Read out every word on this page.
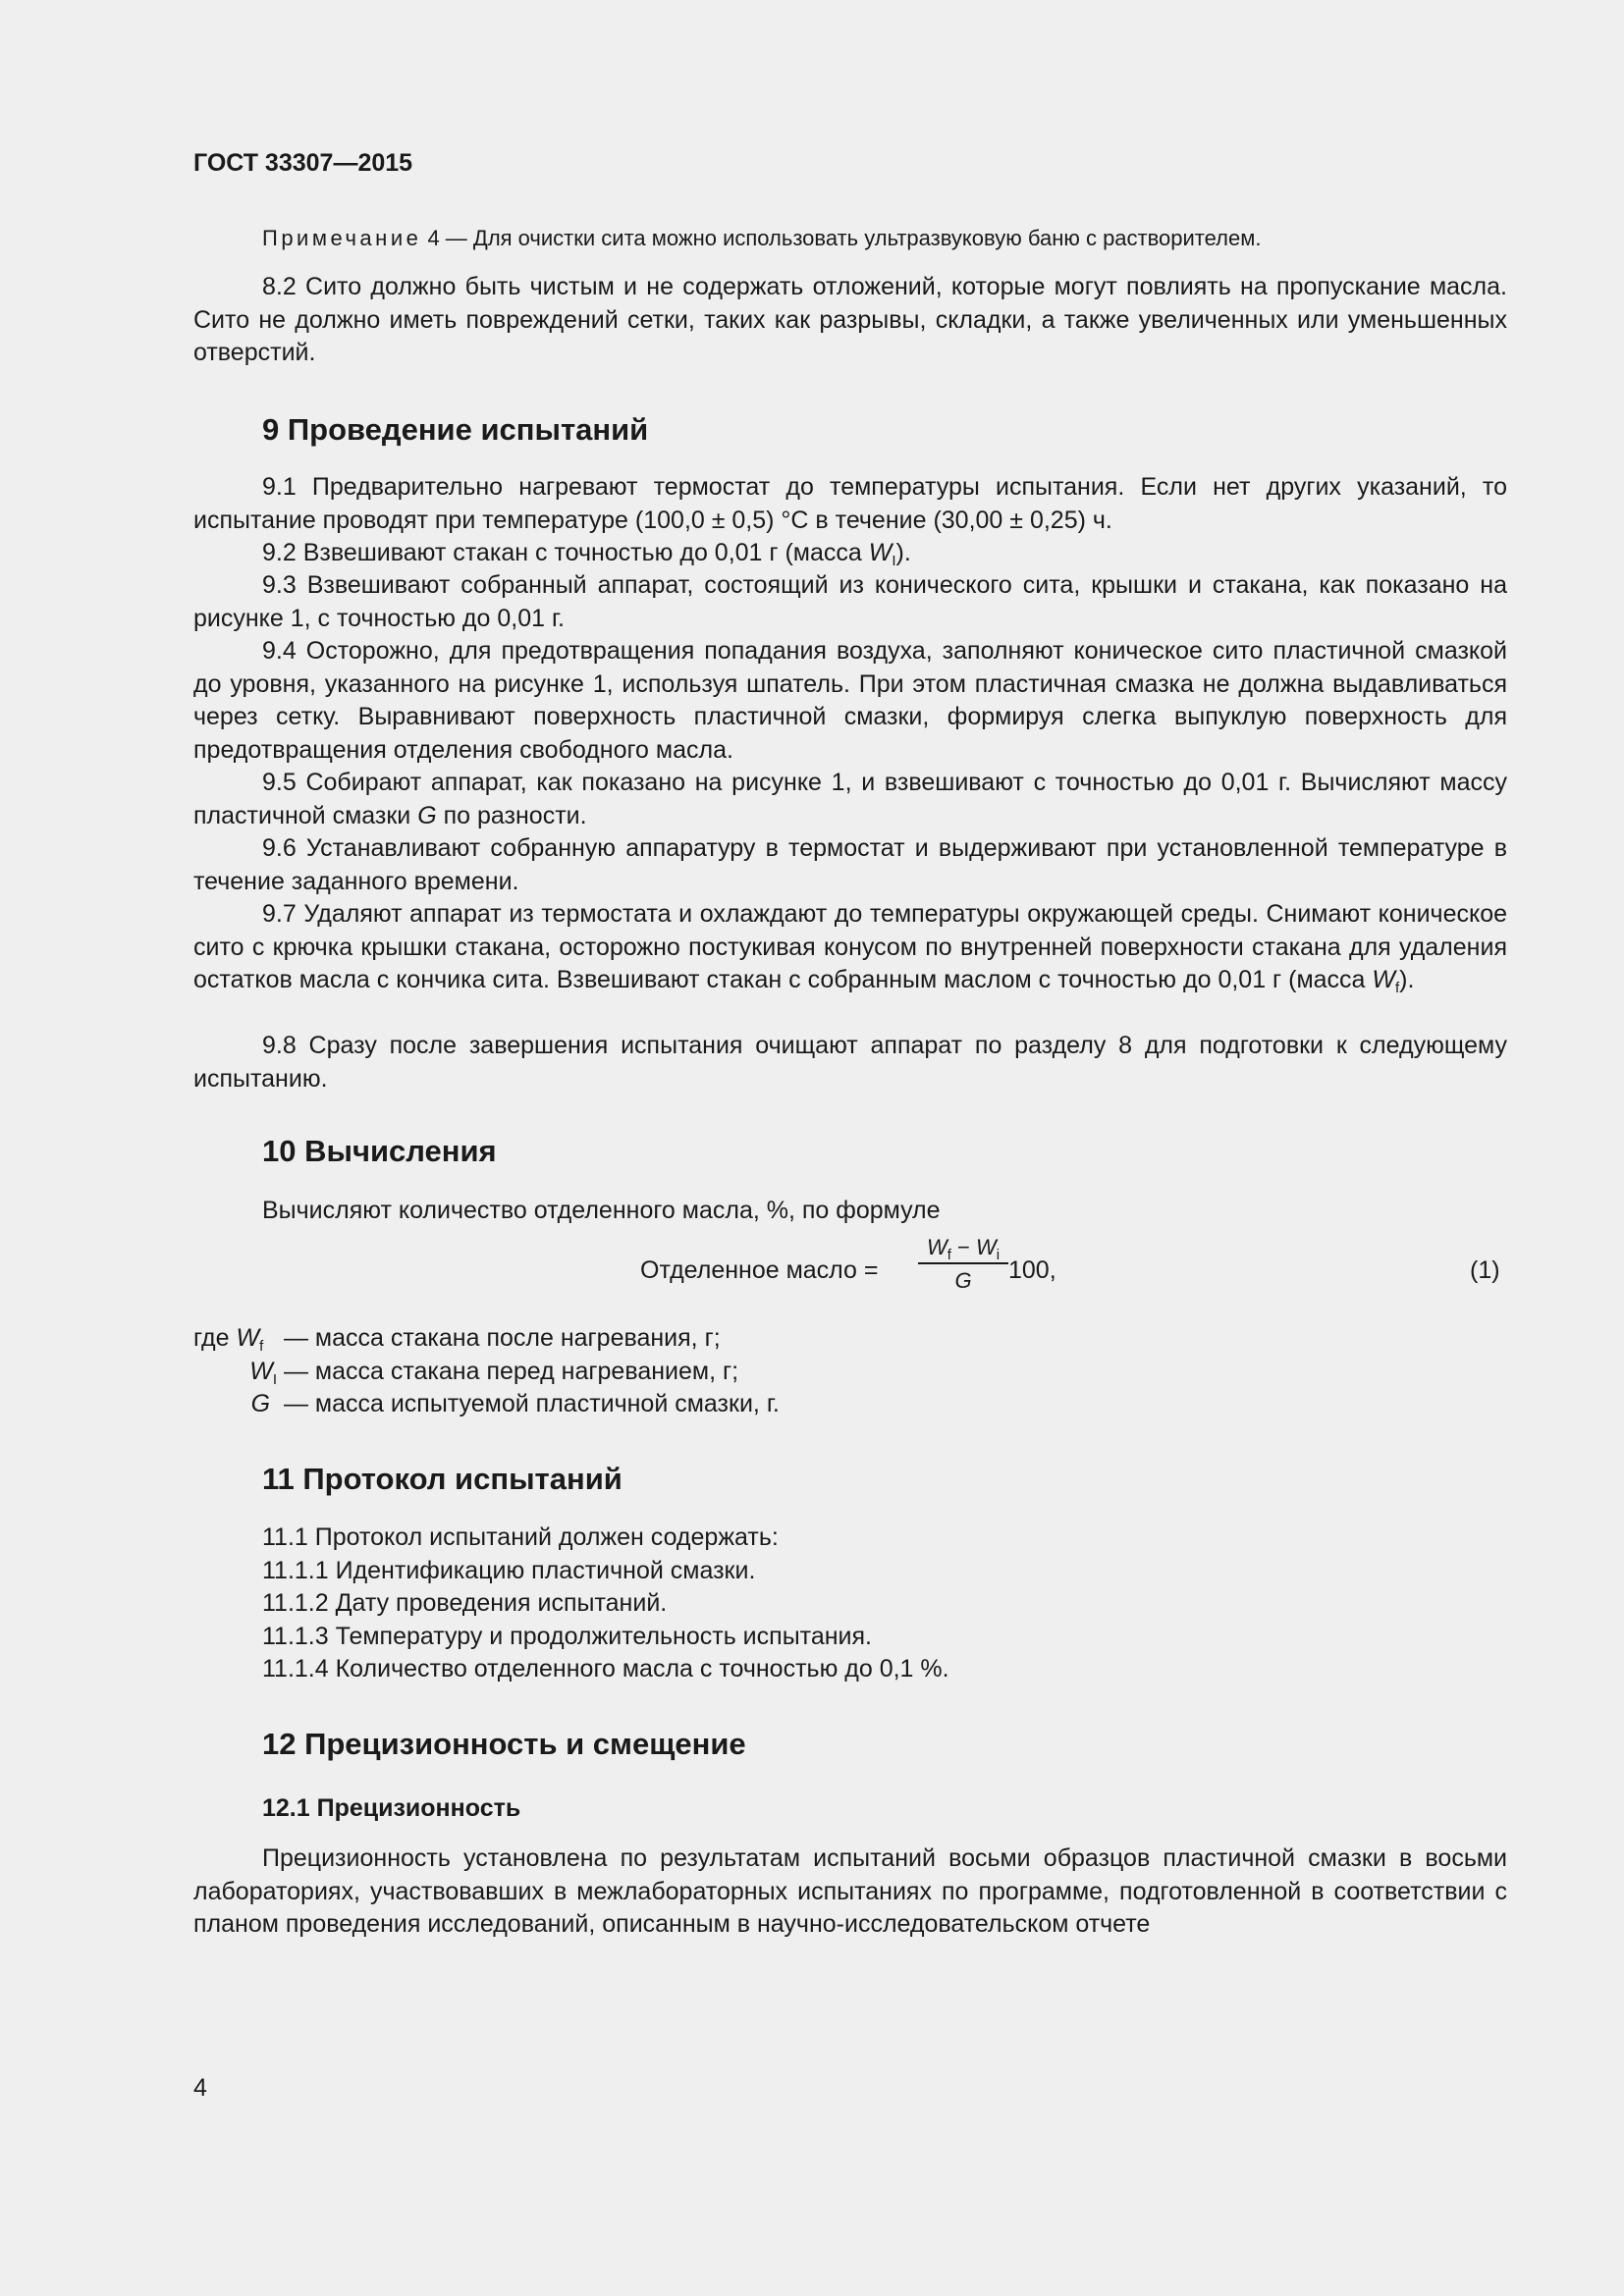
ГОСТ 33307—2015
Примечание 4 — Для очистки сита можно использовать ультразвуковую баню с растворителем.

8.2 Сито должно быть чистым и не содержать отложений, которые могут повлиять на пропускание масла. Сито не должно иметь повреждений сетки, таких как разрывы, складки, а также увеличенных или уменьшенных отверстий.

9 Проведение испытаний

9.1 Предварительно нагревают термостат до температуры испытания. Если нет других указаний, то испытание проводят при температуре (100,0 ± 0,5) °С в течение (30,00 ± 0,25) ч.

9.2 Взвешивают стакан с точностью до 0,01 г (масса $W_I$).

9.3 Взвешивают собранный аппарат, состоящий из конического сита, крышки и стакана, как показано на рисунке 1, с точностью до 0,01 г.

9.4 Осторожно, для предотвращения попадания воздуха, заполняют коническое сито пластичной смазкой до уровня, указанного на рисунке 1, используя шпатель. При этом пластичная смазка не должна выдавливаться через сетку. Выравнивают поверхность пластичной смазки, формируя слегка выпуклую поверхность для предотвращения отделения свободного масла.

9.5 Собирают аппарат, как показано на рисунке 1, и взвешивают с точностью до 0,01 г. Вычисляют массу пластичной смазки G по разности.

9.6 Устанавливают собранную аппаратуру в термостат и выдерживают при установленной температуре в течение заданного времени.

9.7 Удаляют аппарат из термостата и охлаждают до температуры окружающей среды. Снимают коническое сито с крючка крышки стакана, осторожно постукивая конусом по внутренней поверхности стакана для удаления остатков масла с кончика сита. Взвешивают стакан с собранным маслом с точностью до 0,01 г (масса $W_f$).

9.8 Сразу после завершения испытания очищают аппарат по разделу 8 для подготовки к следующему испытанию.

10 Вычисления
Вычисляют количество отделенного масла, %, по формуле
Отделенное масло =
$W_f - W_i$
G	100,	(1)
где $W_f$ — масса стакана после нагревания, г;
$W_I$ — масса стакана перед нагреванием, г;
G  — масса испытуемой пластичной смазки, г.
11 Протокол испытаний
11.1 Протокол испытаний должен содержать:
11.1.1 Идентификацию пластичной смазки.
11.1.2 Дату проведения испытаний.
11.1.3 Температуру и продолжительность испытания.
11.1.4 Количество отделенного масла с точностью до 0,1 %.
12 Прецизионность и смещение
12.1 Прецизионность

Прецизионность установлена по результатам испытаний восьми образцов пластичной смазки в восьми лабораториях, участвовавших в межлабораторных испытаниях по программе, подготовленной в соответствии с планом проведения исследований, описанным в научно-исследовательском отчете

4
